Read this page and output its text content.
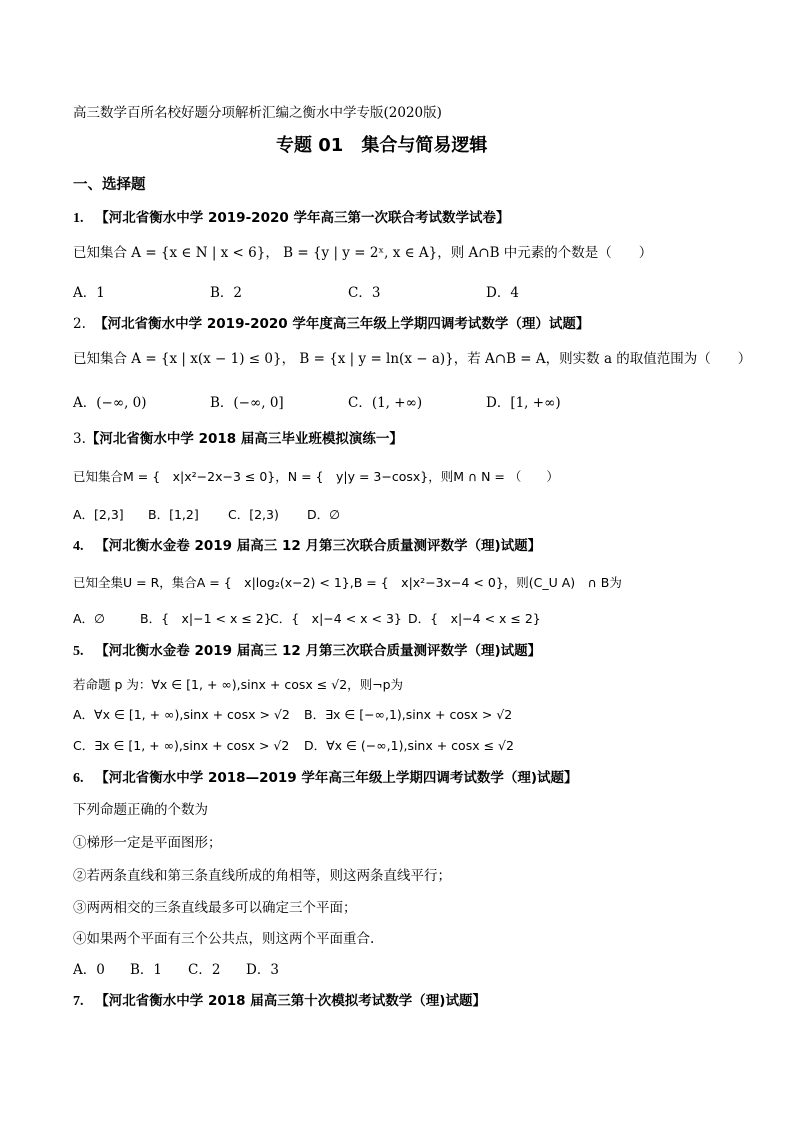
高三数学百所名校好题分项解析汇编之衡水中学专版(2020版)
专题 01　集合与简易逻辑
一、选择题
1. 【河北省衡水中学 2019-2020 学年高三第一次联合考试数学试卷】
已知集合 A = {x ∈ N | x < 6}， B = {y | y = 2ˣ, x ∈ A}，则 A∩B 中元素的个数是（　　）
A．1	B．2	C．3	D．4
2. 【河北省衡水中学 2019-2020 学年度高三年级上学期四调考试数学（理）试题】
已知集合 A = {x | x(x − 1) ≤ 0}， B = {x | y = ln(x − a)}，若 A∩B = A，则实数 a 的取值范围为（　　）
A．(−∞, 0)	B．(−∞, 0]	C．(1, +∞)	D．[1, +∞)
3.【河北省衡水中学 2018 届高三毕业班模拟演练一】
已知集合M = {　x|x²−2x−3 ≤ 0}，N = {　y|y = 3−cosx}，则M ∩ N = （　　）
A．[2,3] B．[1,2] C．[2,3) D．∅
4. 【河北衡水金卷 2019 届高三 12 月第三次联合质量测评数学（理)试题】
已知全集U = R，集合A = {　x|log₂(x−2) < 1},B = {　x|x²−3x−4 < 0}，则(C_U A)　∩ B为
A．∅	B．{　x|−1 < x ≤ 2}
C．{　x|−4 < x < 3} D．{　x|−4 < x ≤ 2}
5. 【河北衡水金卷 2019 届高三 12 月第三次联合质量测评数学（理)试题】
若命题 p 为：∀x ∈ [1, + ∞),sinx + cosx ≤ √2，则¬p为
A．∀x ∈ [1, + ∞),sinx + cosx > √2 B．∃x ∈ [−∞,1),sinx + cosx > √2
C．∃x ∈ [1, + ∞),sinx + cosx > √2 D．∀x ∈ (−∞,1),sinx + cosx ≤ √2
6. 【河北省衡水中学 2018—2019 学年高三年级上学期四调考试数学（理)试题】
下列命题正确的个数为
①梯形一定是平面图形；
②若两条直线和第三条直线所成的角相等，则这两条直线平行；
③两两相交的三条直线最多可以确定三个平面；
④如果两个平面有三个公共点，则这两个平面重合.
A．0 B．1 C．2 D．3
7. 【河北省衡水中学 2018 届高三第十次模拟考试数学（理)试题】
